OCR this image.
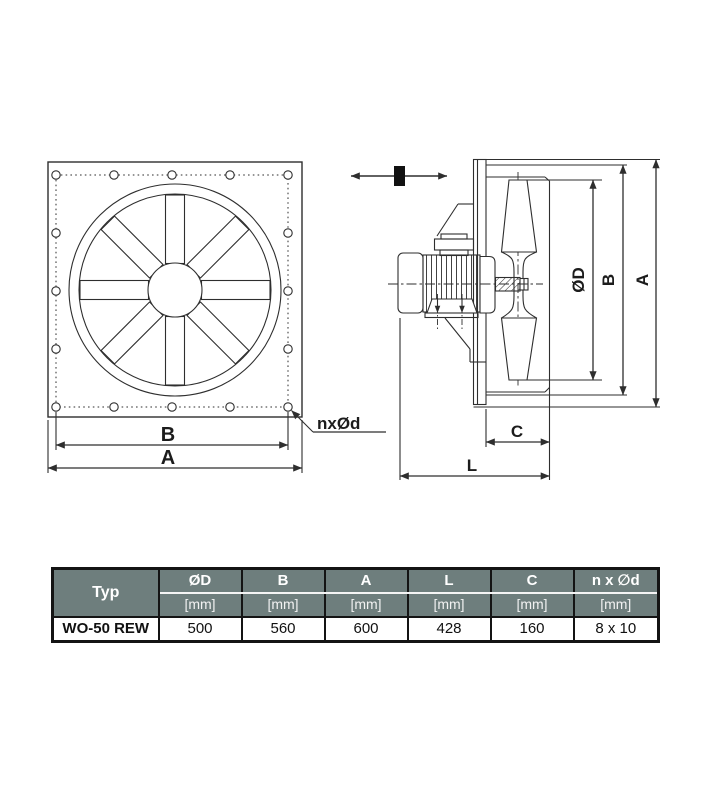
B
A
nxØd
ØD B A
C
L
Typ	ØD	B	A	L	C	n x ∅d
	[mm]	[mm]	[mm]	[mm]	[mm]	[mm]
WO-50 REW	500	560	600	428	160	8 x 10
